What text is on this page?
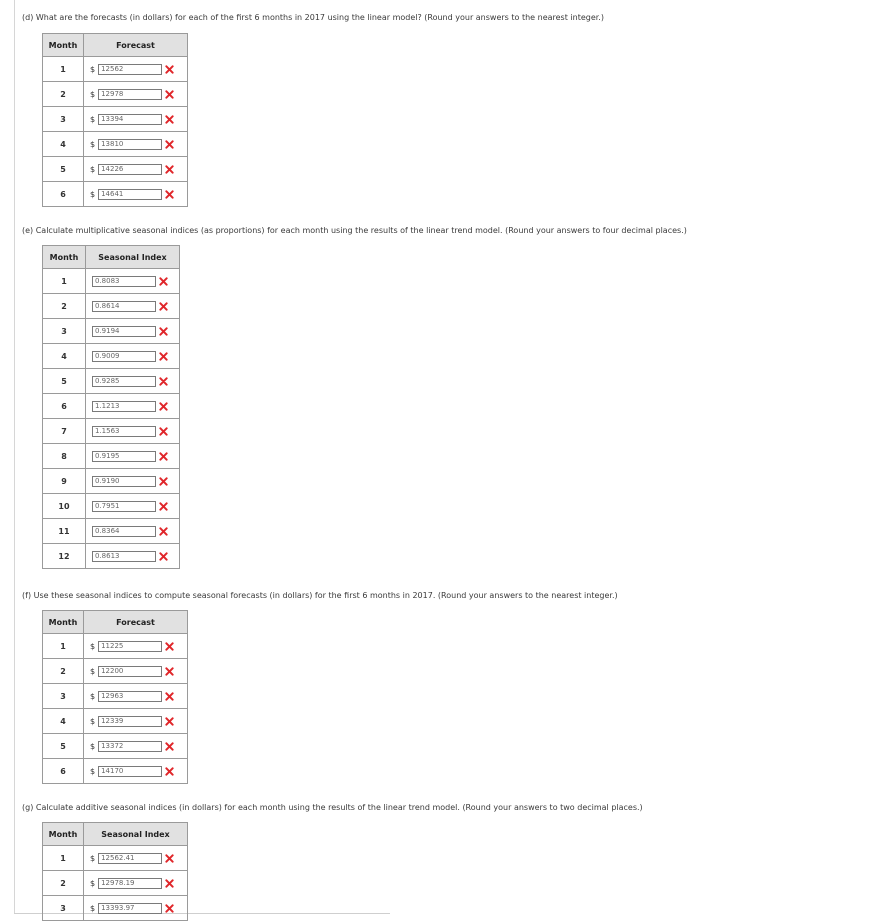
(d) What are the forecasts (in dollars) for each of the first 6 months in 2017 using the linear model? (Round your answers to the nearest integer.)
Month	Forecast
1	$ 12562

2	$ 12978

3	$ 13394

4	$ 13810

5	$ 14226

6	$ 14641
(e) Calculate multiplicative seasonal indices (as proportions) for each month using the results of the linear trend model. (Round your answers to four decimal places.)
Month	Seasonal Index
1	0.8083

2	0.8614

3	0.9194

4	0.9009

5	0.9285

6	1.1213

7	1.1563

8	0.9195

9	0.9190

10	0.7951

11	0.8364

12	0.8613
(f) Use these seasonal indices to compute seasonal forecasts (in dollars) for the first 6 months in 2017. (Round your answers to the nearest integer.)
Month	Forecast
1	$ 11225

2	$ 12200

3	$ 12963

4	$ 12339

5	$ 13372

6	$ 14170
(g) Calculate additive seasonal indices (in dollars) for each month using the results of the linear trend model. (Round your answers to two decimal places.)
Month	Seasonal Index
1	$ 12562.41

2	$ 12978.19

3	$ 13393.97
